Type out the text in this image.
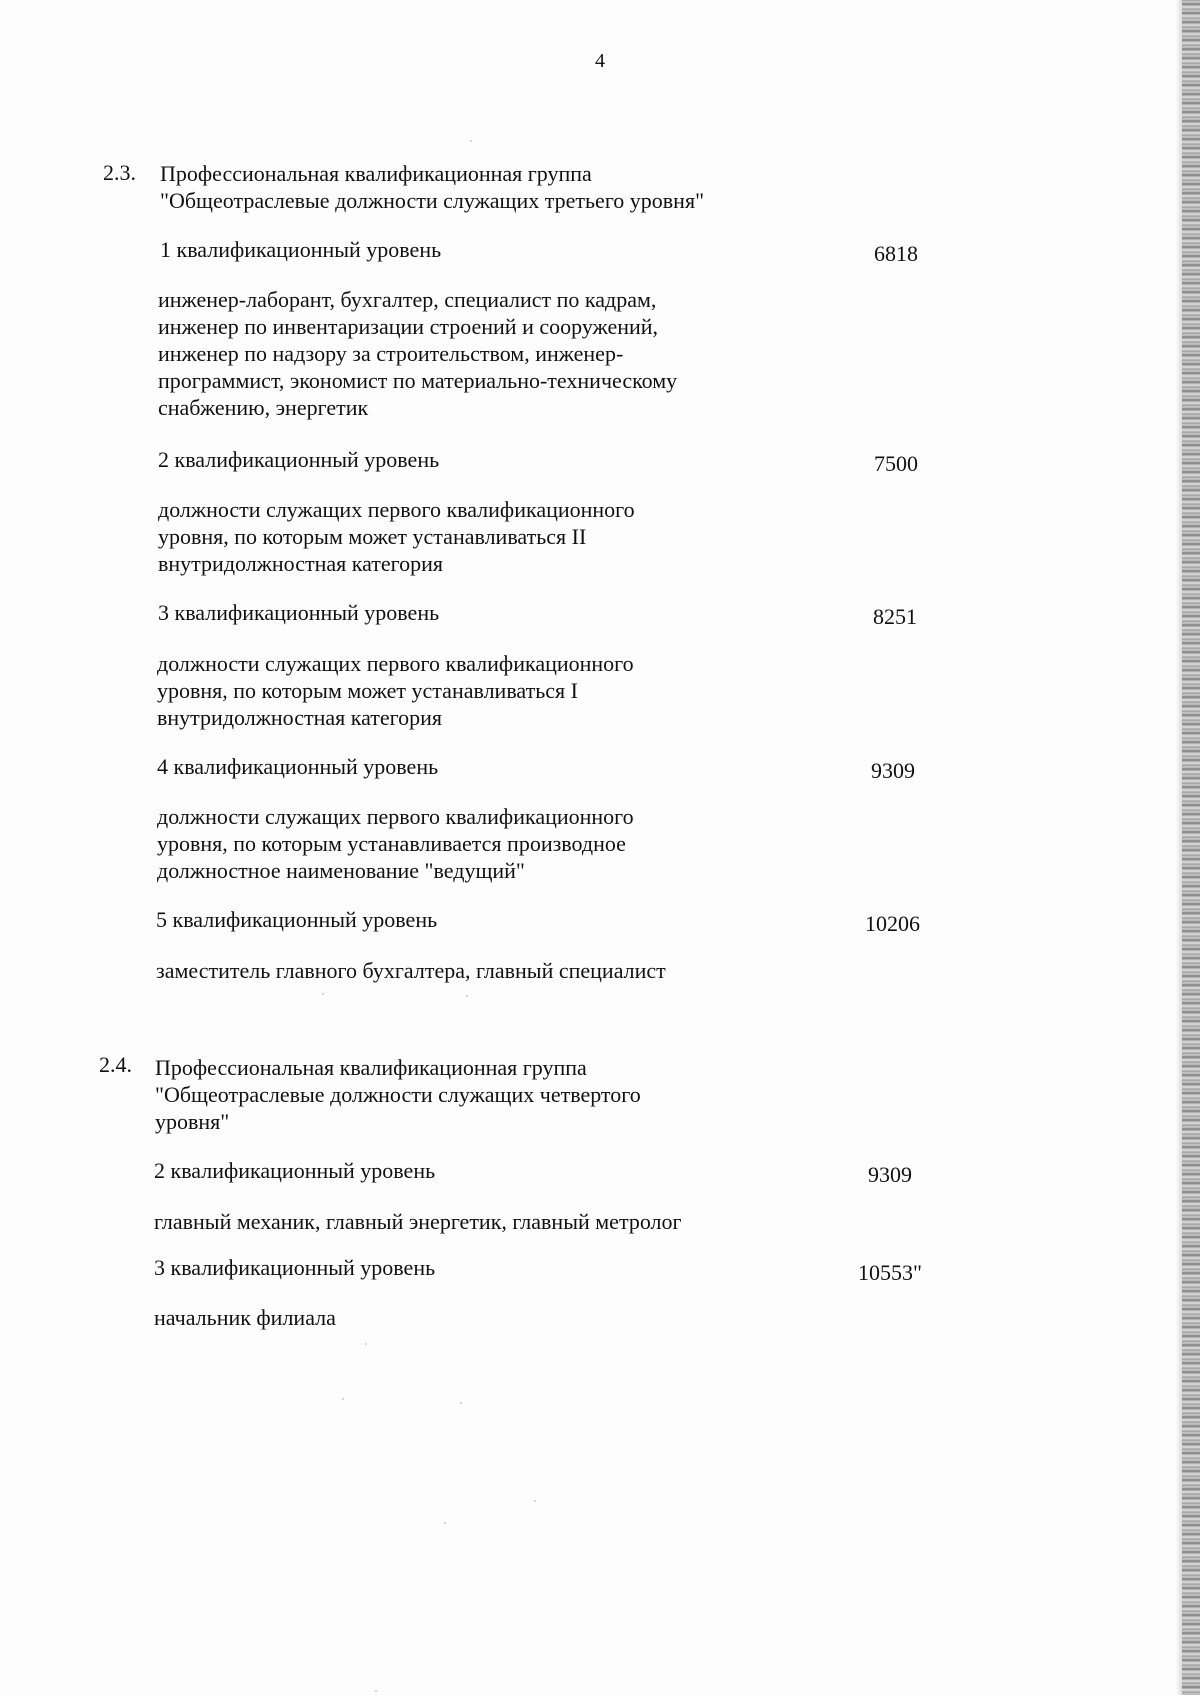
4
2.3. Профессиональная квалификационная группа
"Общеотраслевые должности служащих третьего уровня"
1 квалификационный уровень	6818
инженер-лаборант, бухгалтер, специалист по кадрам,
инженер по инвентаризации строений и сооружений,
инженер по надзору за строительством, инженер-
программист, экономист по материально-техническому
снабжению, энергетик
2 квалификационный уровень	7500
должности служащих первого квалификационного
уровня, по которым может устанавливаться II
внутридолжностная категория
3 квалификационный уровень	8251
должности служащих первого квалификационного
уровня, по которым может устанавливаться I
внутридолжностная категория
4 квалификационный уровень	9309
должности служащих первого квалификационного
уровня, по которым устанавливается производное
должностное наименование "ведущий"
5 квалификационный уровень	10206
заместитель главного бухгалтера, главный специалист
2.4. Профессиональная квалификационная группа
"Общеотраслевые должности служащих четвертого
уровня"
2 квалификационный уровень	9309
главный механик, главный энергетик, главный метролог
3 квалификационный уровень	10553"
начальник филиала
